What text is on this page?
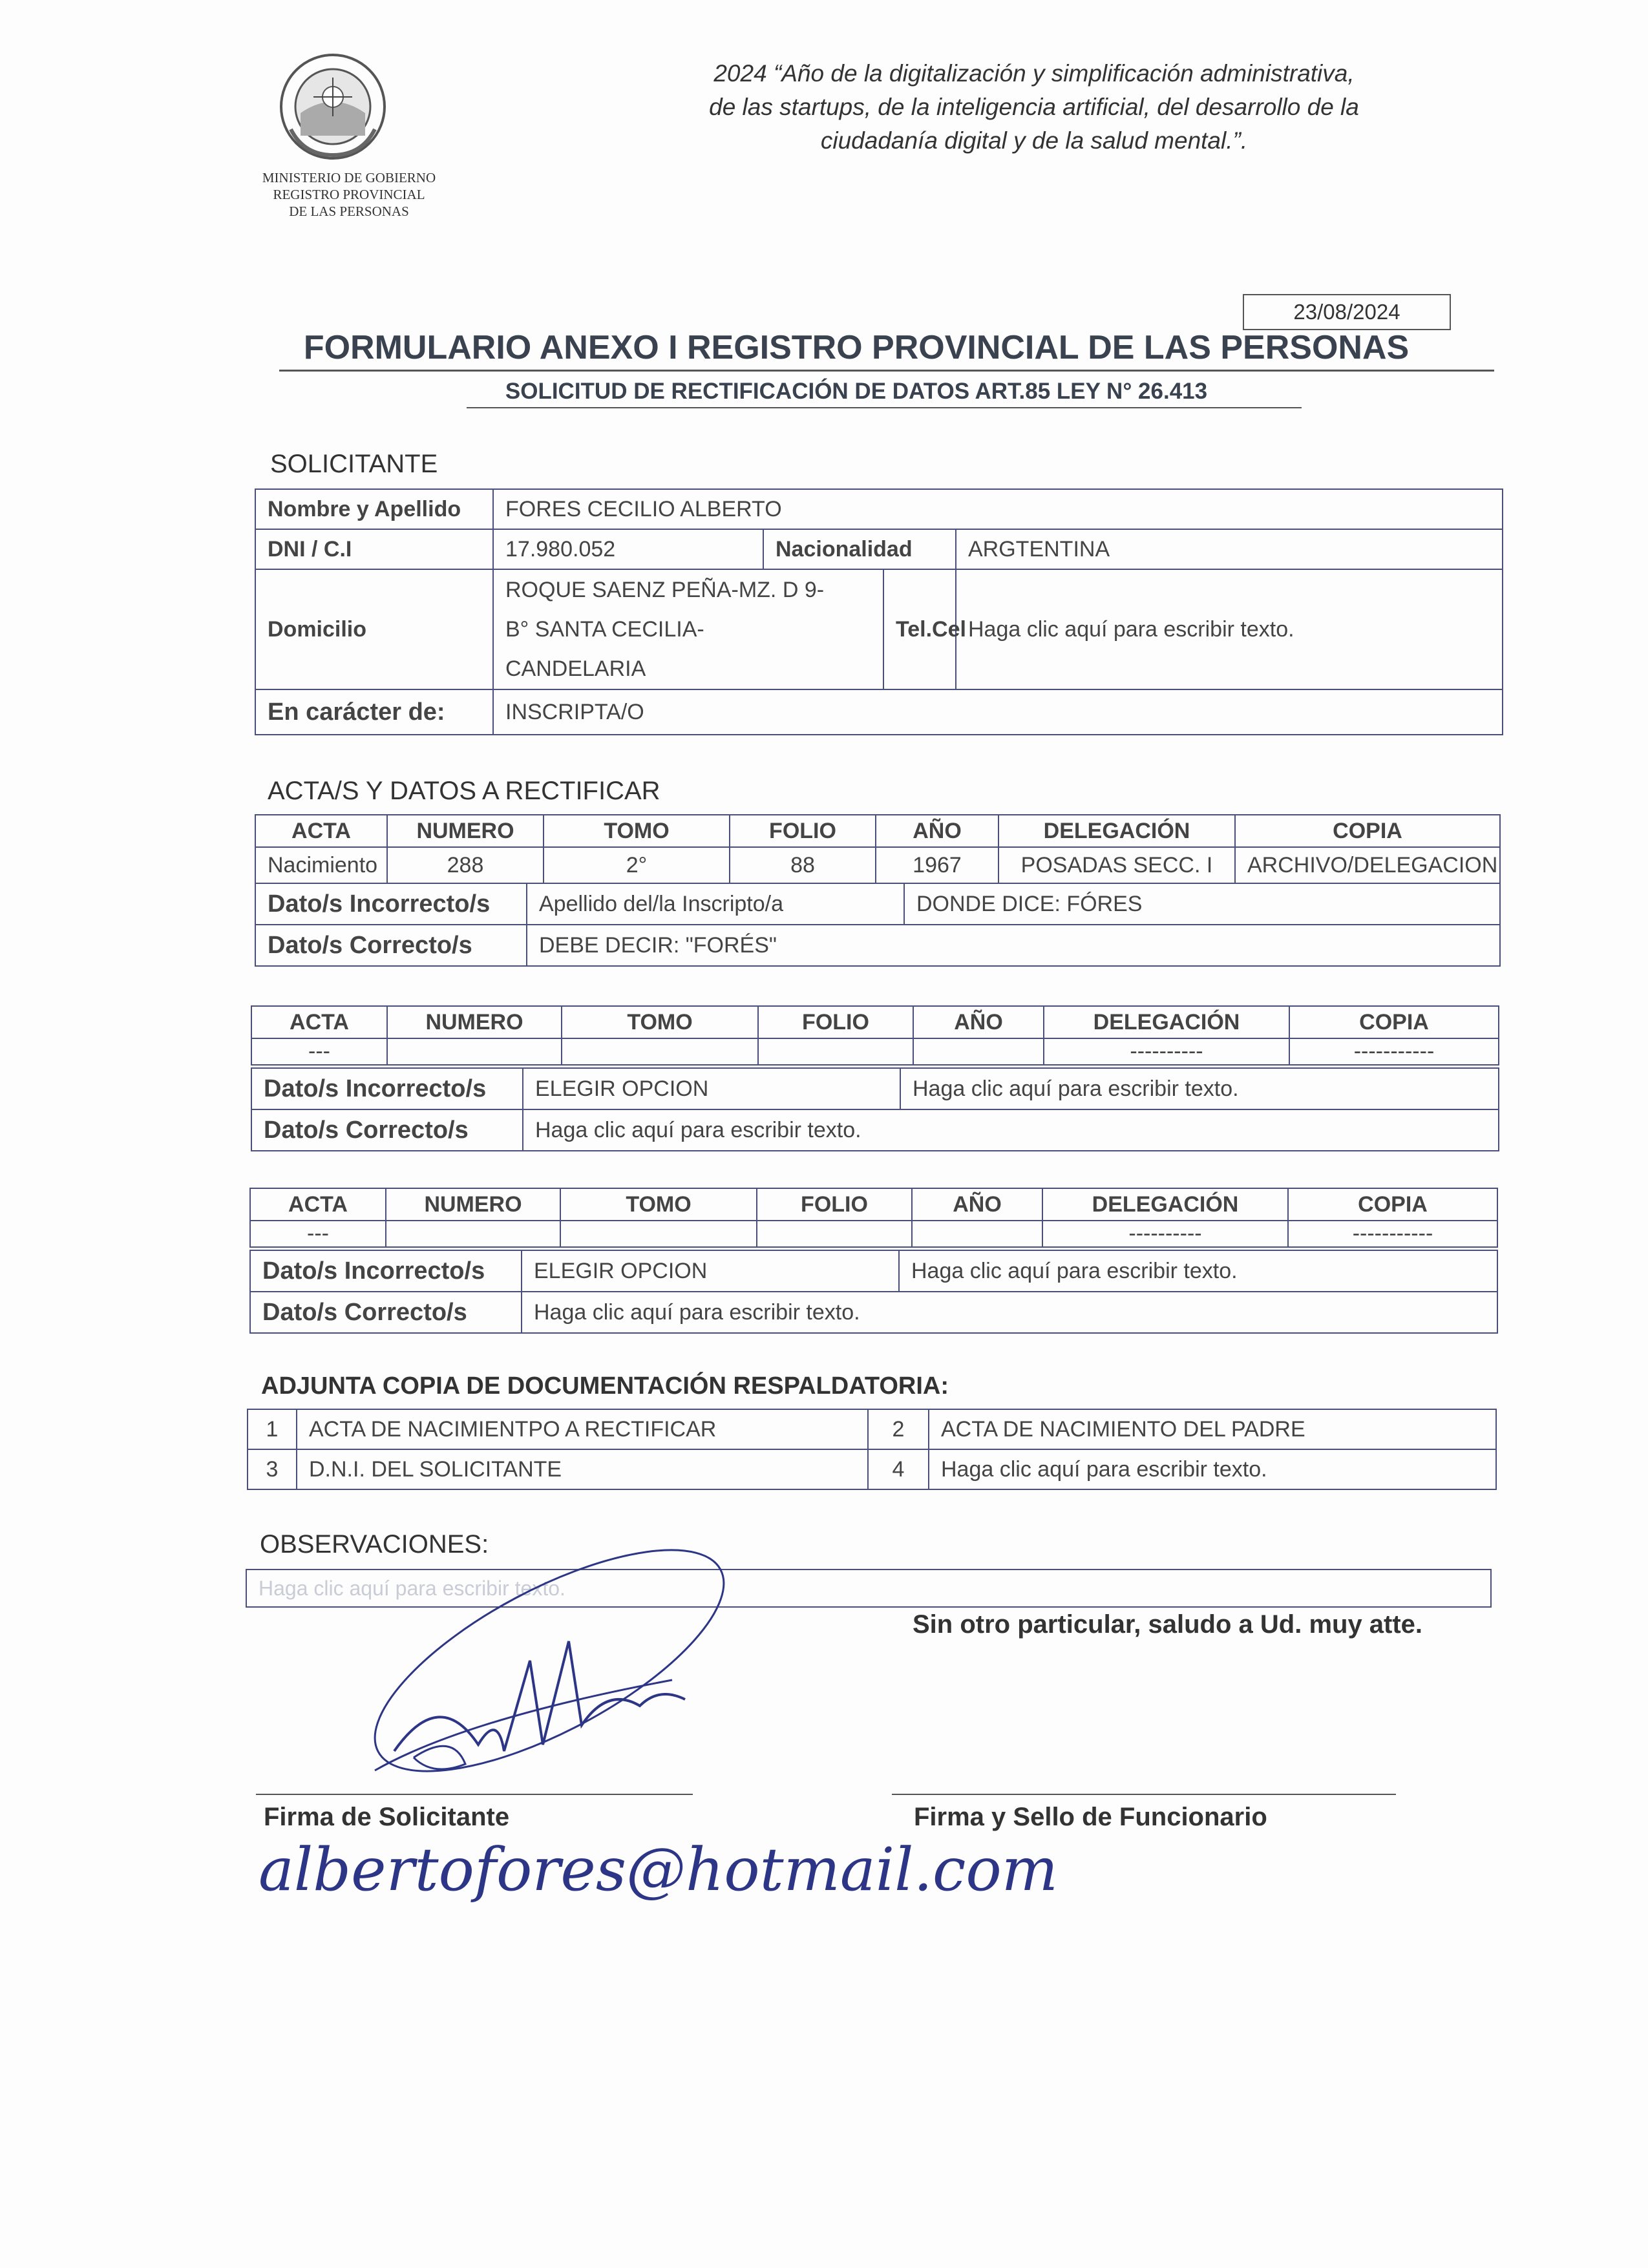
MINISTERIO DE GOBIERNO
REGISTRO PROVINCIAL
DE LAS PERSONAS
2024 “Año de la digitalización y simplificación administrativa,
de las startups, de la inteligencia artificial, del desarrollo de la
ciudadanía digital y de la salud mental.”.
23/08/2024
FORMULARIO ANEXO I REGISTRO PROVINCIAL DE LAS PERSONAS
SOLICITUD DE RECTIFICACIÓN DE DATOS ART.85 LEY N° 26.413
SOLICITANTE
Nombre y Apellido	FORES CECILIO ALBERTO			
DNI / C.I	17.980.052	Nacionalidad		ARGTENTINA
Domicilio	ROQUE SAENZ PEÑA-MZ. D 9-
B° SANTA CECILIA-
CANDELARIA		Tel.Cel	Haga clic aquí para escribir texto.
En carácter de:	INSCRIPTA/O			
ACTA/S Y DATOS A RECTIFICAR
ACTA	NUMERO	TOMO	FOLIO	AÑO	DELEGACIÓN	COPIA
Nacimiento	288	2°	88	1967	POSADAS SECC. I	ARCHIVO/DELEGACION
Dato/s Incorrecto/s	Apellido del/la Inscripto/a	DONDE DICE: FÓRES
Dato/s Correcto/s	DEBE DECIR: "FORÉS"	
ACTA	NUMERO	TOMO	FOLIO	AÑO	DELEGACIÓN	COPIA
---					----------	-----------
Dato/s Incorrecto/s	ELEGIR OPCION	Haga clic aquí para escribir texto.
Dato/s Correcto/s	Haga clic aquí para escribir texto.	
ACTA	NUMERO	TOMO	FOLIO	AÑO	DELEGACIÓN	COPIA
---					----------	-----------
Dato/s Incorrecto/s	ELEGIR OPCION	Haga clic aquí para escribir texto.
Dato/s Correcto/s	Haga clic aquí para escribir texto.	
ADJUNTA COPIA DE DOCUMENTACIÓN RESPALDATORIA:
1	ACTA DE NACIMIENTPO A RECTIFICAR	2	ACTA DE NACIMIENTO DEL PADRE
3	D.N.I. DEL SOLICITANTE	4	Haga clic aquí para escribir texto.
OBSERVACIONES:
Haga clic aquí para escribir texto.
Sin otro particular, saludo a Ud. muy atte.
Firma de Solicitante	Firma y Sello de Funcionario
albertofores@hotmail.com
